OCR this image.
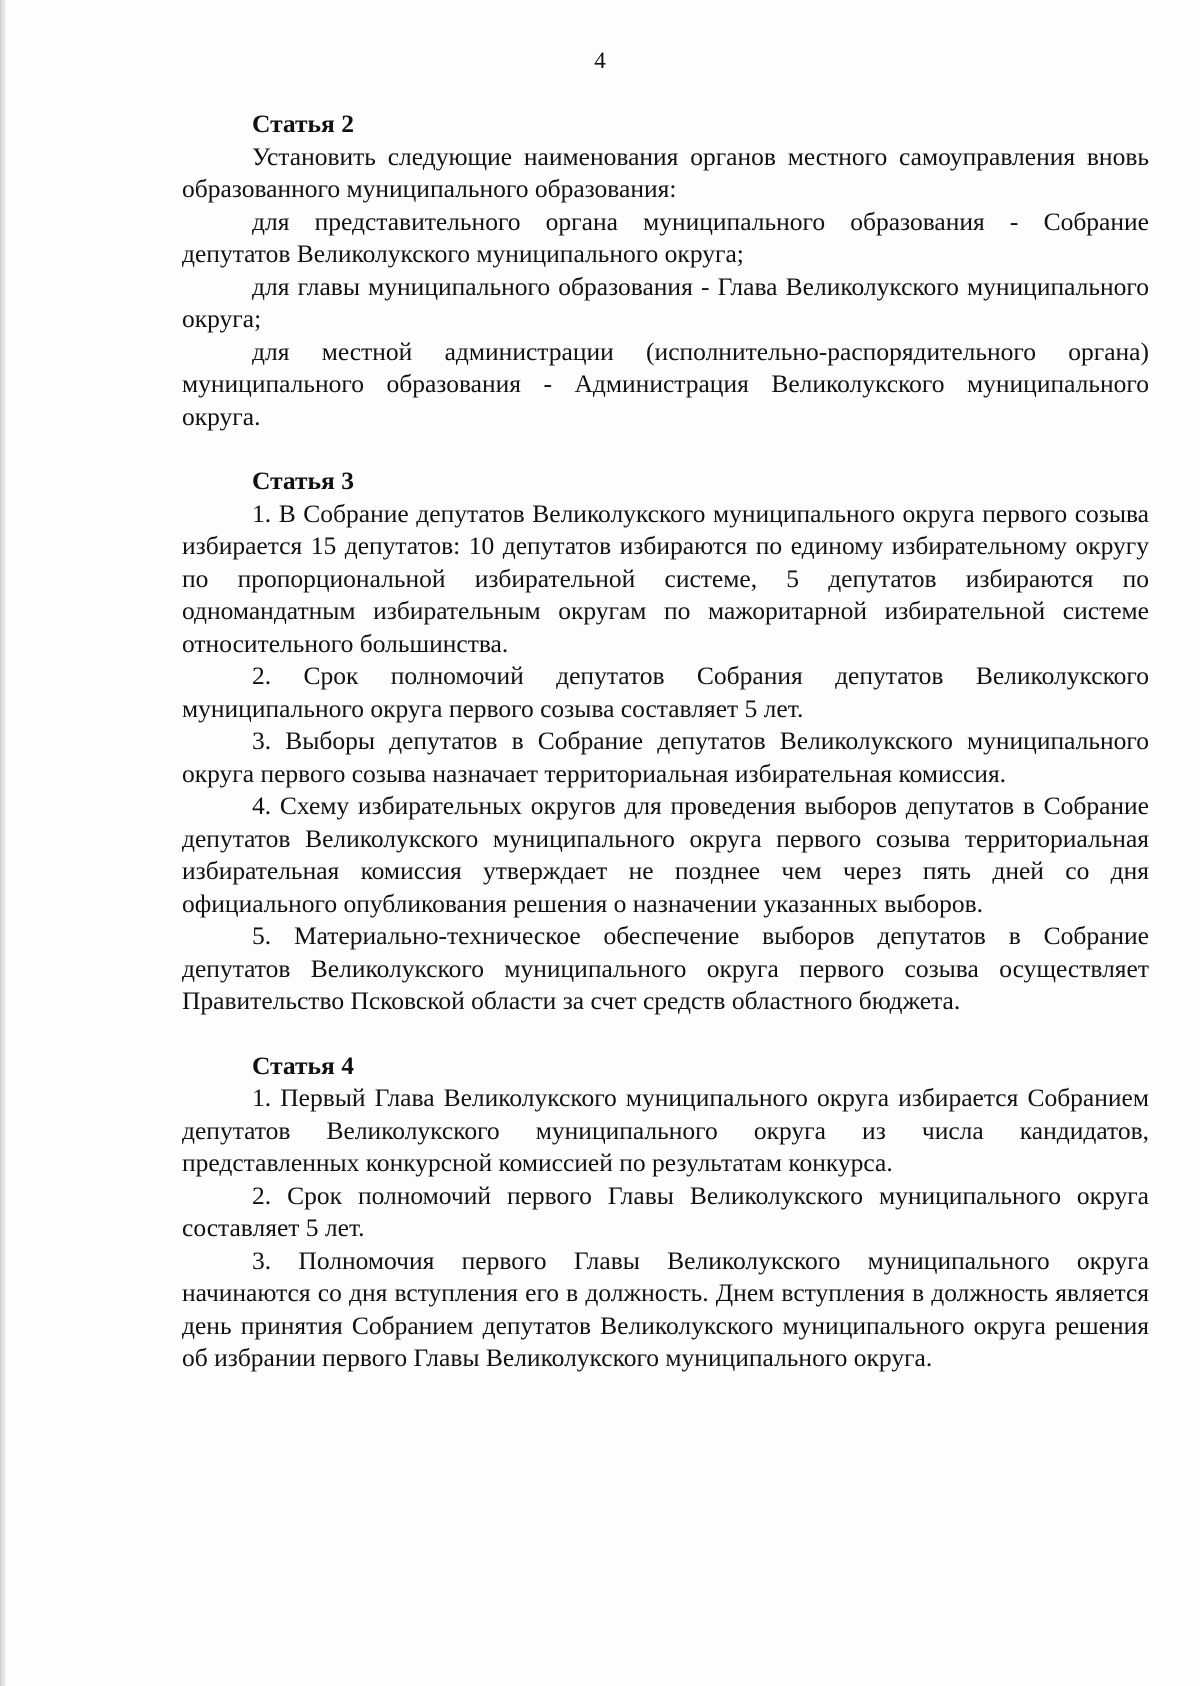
4

Статья 2

Установить следующие наименования органов местного самоуправления вновь образованного муниципального образования:

для представительного органа муниципального образования - Собрание депутатов Великолукского муниципального округа;

для главы муниципального образования - Глава Великолукского муниципального округа;

для местной администрации (исполнительно-распорядительного органа) муниципального образования - Администрация Великолукского муниципального округа.

Статья 3

1. В Собрание депутатов Великолукского муниципального округа первого созыва избирается 15 депутатов: 10 депутатов избираются по единому избирательному округу по пропорциональной избирательной системе, 5 депутатов избираются по одномандатным избирательным округам по мажоритарной избирательной системе относительного большинства.

2. Срок полномочий депутатов Собрания депутатов Великолукского муниципального округа первого созыва составляет 5 лет.

3. Выборы депутатов в Собрание депутатов Великолукского муниципального округа первого созыва назначает территориальная избирательная комиссия.

4. Схему избирательных округов для проведения выборов депутатов в Собрание депутатов Великолукского муниципального округа первого созыва территориальная избирательная комиссия утверждает не позднее чем через пять дней со дня официального опубликования решения о назначении указанных выборов.

5. Материально-техническое обеспечение выборов депутатов в Собрание депутатов Великолукского муниципального округа первого созыва осуществляет Правительство Псковской области за счет средств областного бюджета.

Статья 4

1. Первый Глава Великолукского муниципального округа избирается Собранием депутатов Великолукского муниципального округа из числа кандидатов, представленных конкурсной комиссией по результатам конкурса.

2. Срок полномочий первого Главы Великолукского муниципального округа составляет 5 лет.

3. Полномочия первого Главы Великолукского муниципального округа начинаются со дня вступления его в должность. Днем вступления в должность является день принятия Собранием депутатов Великолукского муниципального округа решения об избрании первого Главы Великолукского муниципального округа.
